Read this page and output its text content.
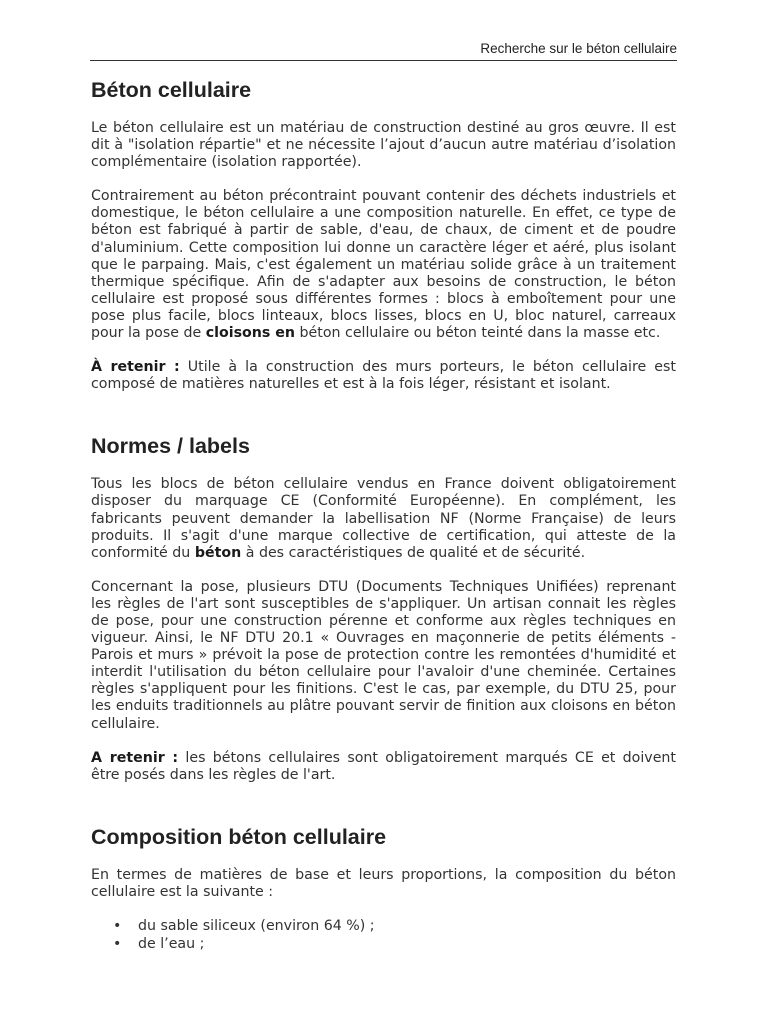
Recherche sur le béton cellulaire
Béton cellulaire

Le béton cellulaire est un matériau de construction destiné au gros œuvre. Il est dit à "isolation répartie" et ne nécessite l’ajout d’aucun autre matériau d’isolation complémentaire (isolation rapportée).

Contrairement au béton précontraint pouvant contenir des déchets industriels et domestique, le béton cellulaire a une composition naturelle. En effet, ce type de béton est fabriqué à partir de sable, d'eau, de chaux, de ciment et de poudre d'aluminium. Cette composition lui donne un caractère léger et aéré, plus isolant que le parpaing. Mais, c'est également un matériau solide grâce à un traitement thermique spécifique. Afin de s'adapter aux besoins de construction, le béton cellulaire est proposé sous différentes formes : blocs à emboîtement pour une pose plus facile, blocs linteaux, blocs lisses, blocs en U, bloc naturel, carreaux pour la pose de cloisons en béton cellulaire ou béton teinté dans la masse etc.

À retenir : Utile à la construction des murs porteurs, le béton cellulaire est composé de matières naturelles et est à la fois léger, résistant et isolant.

Normes / labels

Tous les blocs de béton cellulaire vendus en France doivent obligatoirement disposer du marquage CE (Conformité Européenne). En complément, les fabricants peuvent demander la labellisation NF (Norme Française) de leurs produits. Il s'agit d'une marque collective de certification, qui atteste de la conformité du béton à des caractéristiques de qualité et de sécurité.

Concernant la pose, plusieurs DTU (Documents Techniques Unifiées) reprenant les règles de l'art sont susceptibles de s'appliquer. Un artisan connait les règles de pose, pour une construction pérenne et conforme aux règles techniques en vigueur. Ainsi, le NF DTU 20.1 « Ouvrages en maçonnerie de petits éléments - Parois et murs » prévoit la pose de protection contre les remontées d'humidité et interdit l'utilisation du béton cellulaire pour l'avaloir d'une cheminée. Certaines règles s'appliquent pour les finitions. C'est le cas, par exemple, du DTU 25, pour les enduits traditionnels au plâtre pouvant servir de finition aux cloisons en béton cellulaire.

A retenir : les bétons cellulaires sont obligatoirement marqués CE et doivent être posés dans les règles de l'art.

Composition béton cellulaire

En termes de matières de base et leurs proportions, la composition du béton cellulaire est la suivante :

• du sable siliceux (environ 64 %) ;
• de l’eau ;
